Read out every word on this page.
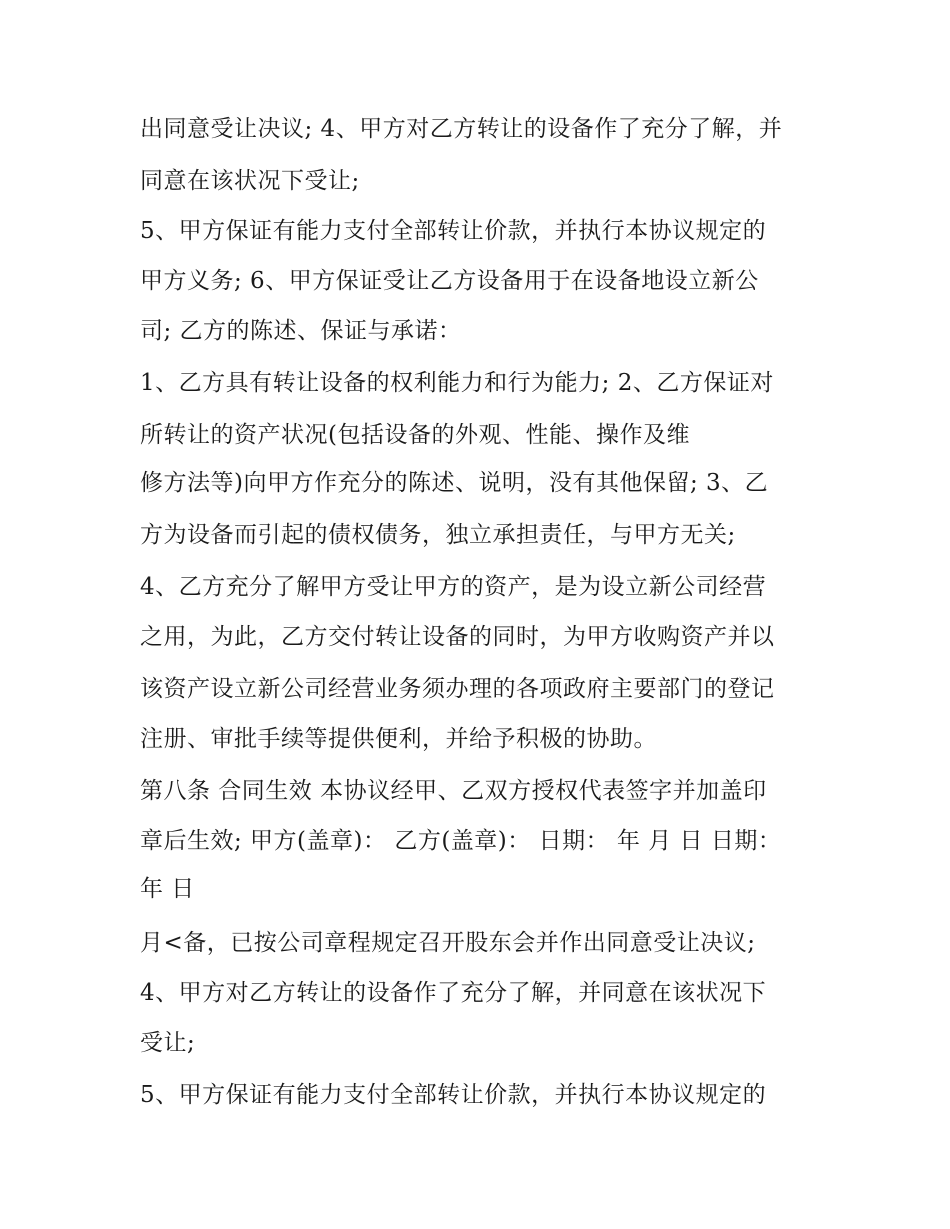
出同意受让决议; 4、甲方对乙方转让的设备作了充分了解，并
同意在该状况下受让;
5、甲方保证有能力支付全部转让价款，并执行本协议规定的
甲方义务; 6、甲方保证受让乙方设备用于在设备地设立新公
司; 乙方的陈述、保证与承诺：
1、乙方具有转让设备的权利能力和行为能力; 2、乙方保证对
所转让的资产状况(包括设备的外观、性能、操作及维
修方法等)向甲方作充分的陈述、说明，没有其他保留; 3、乙
方为设备而引起的债权债务，独立承担责任，与甲方无关;
4、乙方充分了解甲方受让甲方的资产，是为设立新公司经营
之用，为此，乙方交付转让设备的同时，为甲方收购资产并以
该资产设立新公司经营业务须办理的各项政府主要部门的登记
注册、审批手续等提供便利，并给予积极的协助。
第八条 合同生效 本协议经甲、乙双方授权代表签字并加盖印
章后生效; 甲方(盖章)： 乙方(盖章)： 日期： 年 月 日 日期：
年 日
月<备，已按公司章程规定召开股东会并作出同意受让决议;
4、甲方对乙方转让的设备作了充分了解，并同意在该状况下
受让;
5、甲方保证有能力支付全部转让价款，并执行本协议规定的
